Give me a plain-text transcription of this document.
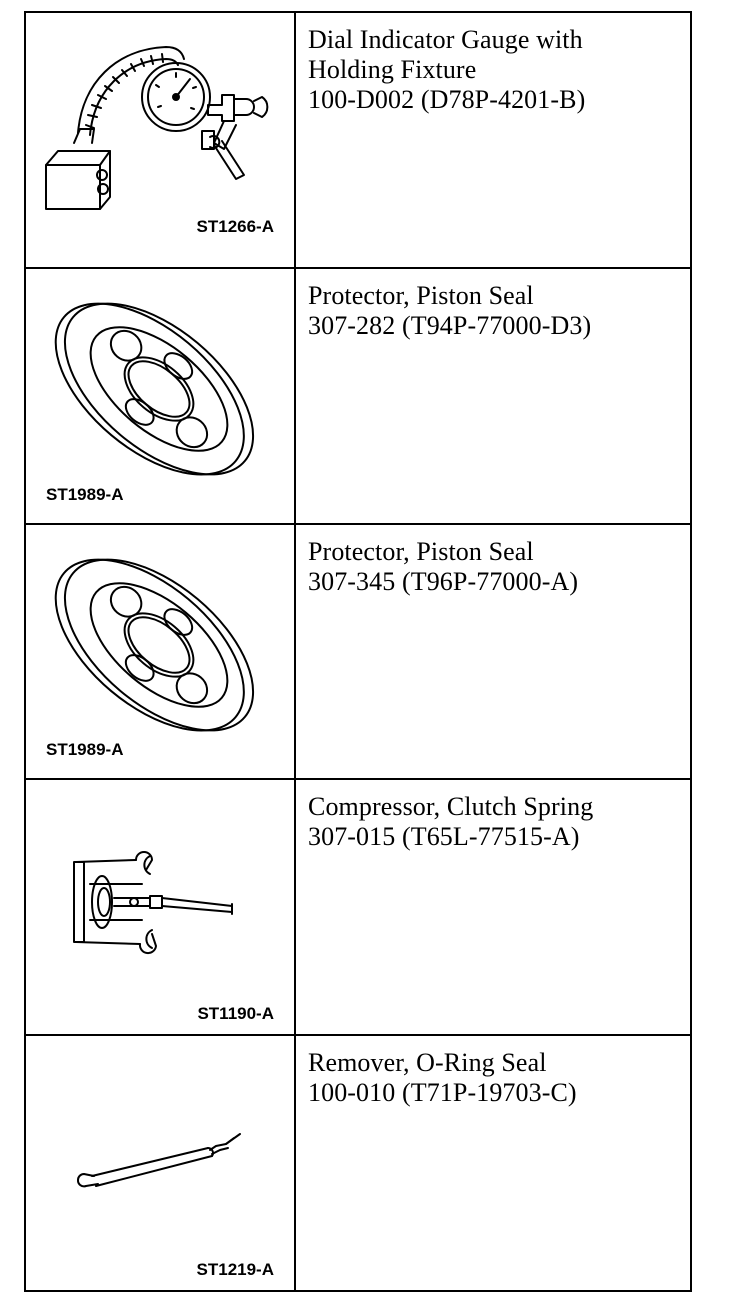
ST1266-A	Dial Indicator Gauge with
Holding Fixture
100-D002 (D78P-4201-B)

ST1989-A	Protector, Piston Seal
307-282 (T94P-77000-D3)

ST1989-A	Protector, Piston Seal
307-345 (T96P-77000-A)

ST1190-A	Compressor, Clutch Spring
307-015 (T65L-77515-A)

ST1219-A	Remover, O-Ring Seal
100-010 (T71P-19703-C)
